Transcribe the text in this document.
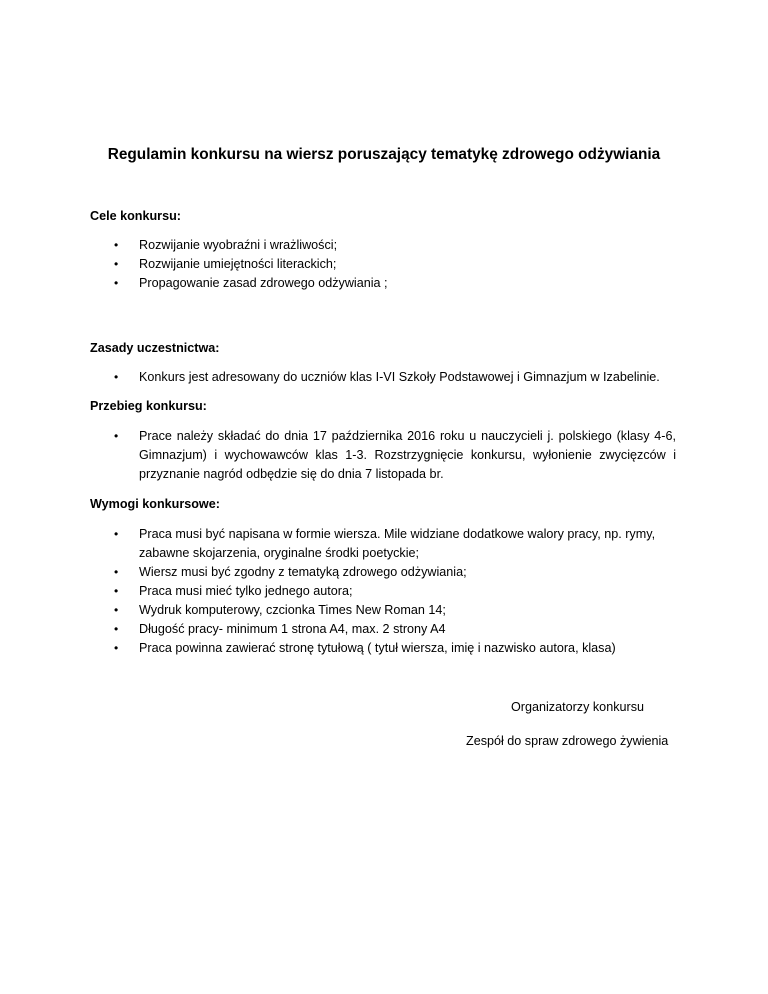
Regulamin konkursu na wiersz poruszający tematykę zdrowego odżywiania
Cele konkursu:
• Rozwijanie wyobraźni i wrażliwości;
• Rozwijanie umiejętności literackich;
• Propagowanie zasad zdrowego odżywiania ;
Zasady uczestnictwa:
• Konkurs jest adresowany do uczniów klas I-VI Szkoły Podstawowej i Gimnazjum w Izabelinie.
Przebieg konkursu:
• Prace należy składać do dnia 17 października 2016 roku u nauczycieli j. polskiego (klasy 4-6, Gimnazjum) i wychowawców klas 1-3. Rozstrzygnięcie konkursu, wyłonienie zwycięzców i przyznanie nagród odbędzie się do dnia 7 listopada br.
Wymogi konkursowe:
• Praca musi być napisana w formie wiersza. Mile widziane dodatkowe walory pracy, np. rymy, zabawne skojarzenia, oryginalne środki poetyckie;
• Wiersz musi być zgodny z tematyką zdrowego odżywiania;
• Praca musi mieć tylko jednego autora;
• Wydruk komputerowy, czcionka Times New Roman 14;
• Długość pracy- minimum 1 strona A4, max. 2 strony A4
• Praca powinna zawierać stronę tytułową ( tytuł wiersza, imię i nazwisko autora, klasa)
Organizatorzy konkursu
Zespół do spraw zdrowego żywienia
